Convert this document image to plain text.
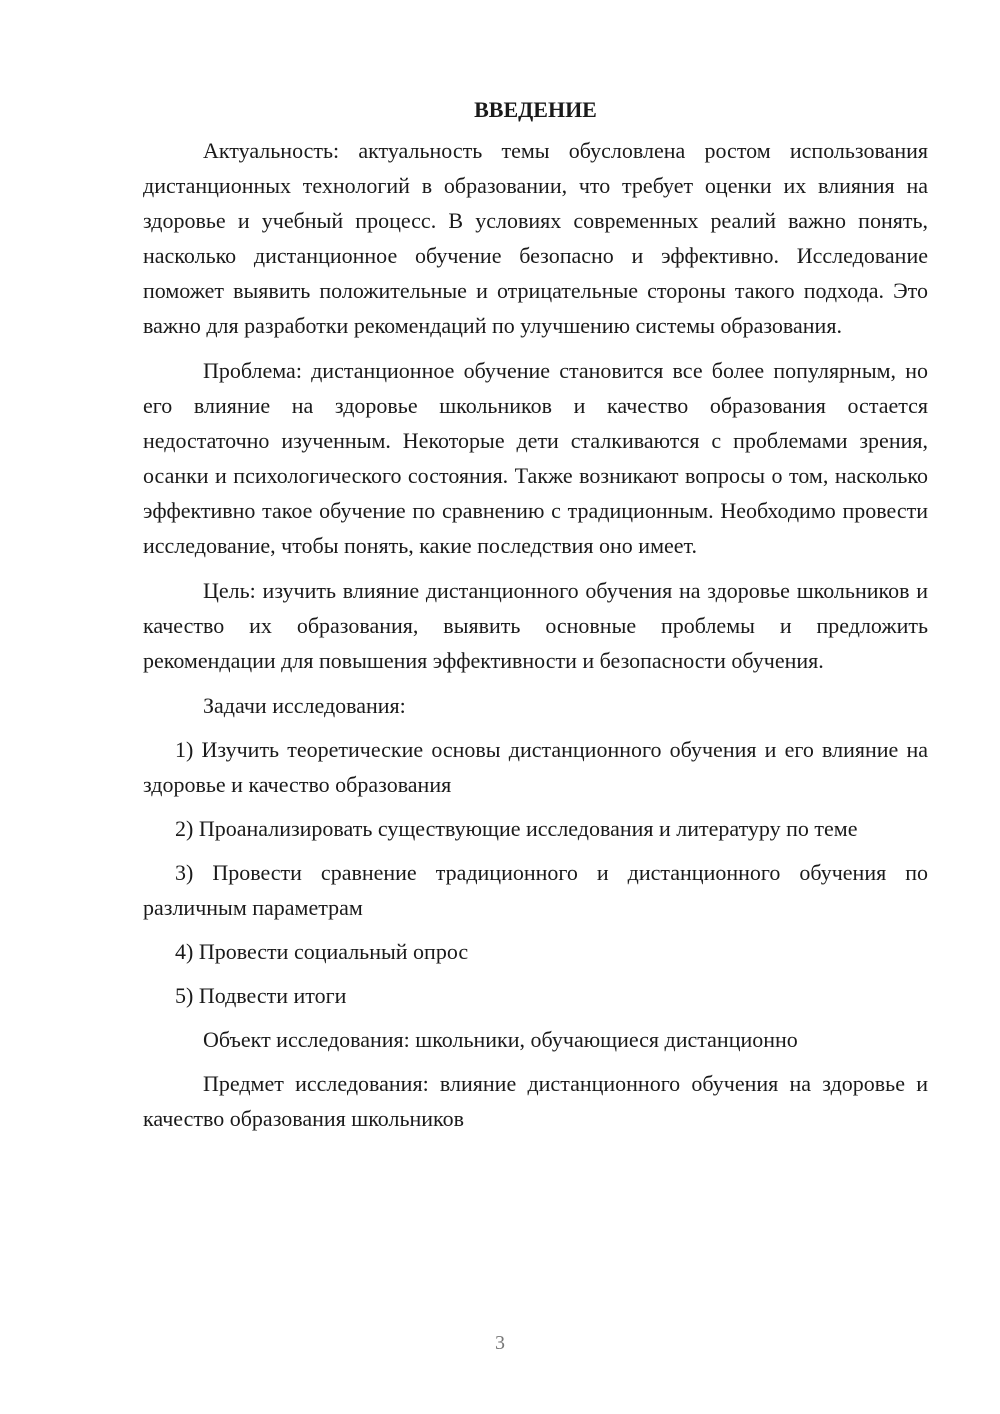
ВВЕДЕНИЕ

Актуальность: актуальность темы обусловлена ростом использования дистанционных технологий в образовании, что требует оценки их влияния на здоровье и учебный процесс. В условиях современных реалий важно понять, насколько дистанционное обучение безопасно и эффективно. Исследование поможет выявить положительные и отрицательные стороны такого подхода. Это важно для разработки рекомендаций по улучшению системы образования.

Проблема: дистанционное обучение становится все более популярным, но его влияние на здоровье школьников и качество образования остается недостаточно изученным. Некоторые дети сталкиваются с проблемами зрения, осанки и психологического состояния. Также возникают вопросы о том, насколько эффективно такое обучение по сравнению с традиционным. Необходимо провести исследование, чтобы понять, какие последствия оно имеет.

Цель: изучить влияние дистанционного обучения на здоровье школьников и качество их образования, выявить основные проблемы и предложить рекомендации для повышения эффективности и безопасности обучения.

Задачи исследования:

1) Изучить теоретические основы дистанционного обучения и его влияние на здоровье и качество образования

2) Проанализировать существующие исследования и литературу по теме

3) Провести сравнение традиционного и дистанционного обучения по различным параметрам

4) Провести социальный опрос

5) Подвести итоги

Объект исследования: школьники, обучающиеся дистанционно

Предмет исследования: влияние дистанционного обучения на здоровье и качество образования школьников

3
